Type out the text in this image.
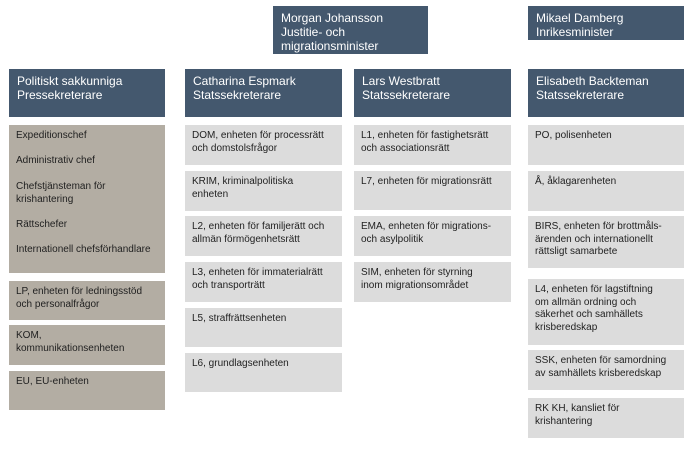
Morgan Johansson
Justitie- och
migrationsminister
Mikael Damberg
Inrikesminister
Politiskt sakkunniga
Pressekreterare
Catharina Espmark
Statssekreterare
Lars Westbratt
Statssekreterare
Elisabeth Backteman
Statssekreterare
Expeditionschef
Administrativ chef
Chefstjänsteman för krishantering
Rättschefer
Internationell chefsförhandlare
LP, enheten för ledningsstöd
och personalfrågor
KOM,
kommunikationsenheten
EU, EU-enheten
DOM, enheten för processrätt
och domstolsfrågor
KRIM, kriminalpolitiska
enheten
L2, enheten för familjerätt och
allmän förmögenhetsrätt
L3, enheten för immaterialrätt
och transporträtt
L5, straffrättsenheten
L6, grundlagsenheten
L1, enheten för fastighetsrätt
och associationsrätt
L7, enheten för migrationsrätt
EMA, enheten för migrations-
och asylpolitik
SIM, enheten för styrning
inom migrationsområdet
PO, polisenheten
Å, åklagarenheten
BIRS, enheten för brottmåls-
ärenden och internationellt
rättsligt samarbete
L4, enheten för lagstiftning
om allmän ordning och
säkerhet och samhällets
krisberedskap
SSK, enheten för samordning
av samhällets krisberedskap
RK KH, kansliet för
krishantering
